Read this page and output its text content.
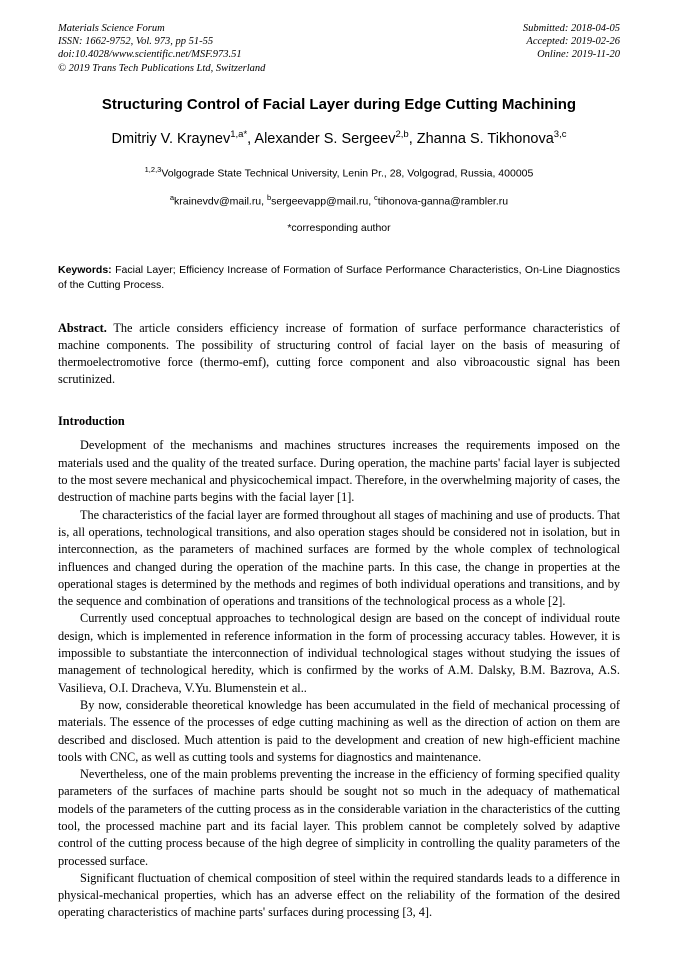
Materials Science Forum
ISSN: 1662-9752, Vol. 973, pp 51-55
doi:10.4028/www.scientific.net/MSF.973.51
© 2019 Trans Tech Publications Ltd, Switzerland
Submitted: 2018-04-05
Accepted: 2019-02-26
Online: 2019-11-20
Structuring Control of Facial Layer during Edge Cutting Machining
Dmitriy V. Kraynev$^{1,a*}$, Alexander S. Sergeev$^{2,b}$, Zhanna S. Tikhonova$^{3,c}$
$^{1,2,3}$Volgograde State Technical University, Lenin Pr., 28, Volgograd, Russia, 400005
$^a$krainevdv@mail.ru, $^b$sergeevapp@mail.ru, $^c$tihonova-ganna@rambler.ru
*corresponding author
Keywords: Facial Layer; Efficiency Increase of Formation of Surface Performance Characteristics, On-Line Diagnostics of the Cutting Process.
Abstract. The article considers efficiency increase of formation of surface performance characteristics of machine components. The possibility of structuring control of facial layer on the basis of measuring of thermoelectromotive force (thermo-emf), cutting force component and also vibroacoustic signal has been scrutinized.
Introduction

Development of the mechanisms and machines structures increases the requirements imposed on the materials used and the quality of the treated surface. During operation, the machine parts' facial layer is subjected to the most severe mechanical and physicochemical impact. Therefore, in the overwhelming majority of cases, the destruction of machine parts begins with the facial layer [1].

The characteristics of the facial layer are formed throughout all stages of machining and use of products. That is, all operations, technological transitions, and also operation stages should be considered not in isolation, but in interconnection, as the parameters of machined surfaces are formed by the whole complex of technological influences and changed during the operation of the machine parts. In this case, the change in properties at the operational stages is determined by the methods and regimes of both individual operations and transitions, and by the sequence and combination of operations and transitions of the technological process as a whole [2].

Currently used conceptual approaches to technological design are based on the concept of individual route design, which is implemented in reference information in the form of processing accuracy tables. However, it is impossible to substantiate the interconnection of individual technological stages without studying the issues of management of technological heredity, which is confirmed by the works of A.M. Dalsky, B.M. Bazrova, A.S. Vasilieva, O.I. Dracheva, V.Yu. Blumenstein et al..

By now, considerable theoretical knowledge has been accumulated in the field of mechanical processing of materials. The essence of the processes of edge cutting machining as well as the direction of action on them are described and disclosed. Much attention is paid to the development and creation of new high-efficient machine tools with CNC, as well as cutting tools and systems for diagnostics and maintenance.

Nevertheless, one of the main problems preventing the increase in the efficiency of forming specified quality parameters of the surfaces of machine parts should be sought not so much in the adequacy of mathematical models of the parameters of the cutting process as in the considerable variation in the characteristics of the cutting tool, the processed machine part and its facial layer. This problem cannot be completely solved by adaptive control of the cutting process because of the high degree of simplicity in controlling the quality parameters of the processed surface.

Significant fluctuation of chemical composition of steel within the required standards leads to a difference in physical-mechanical properties, which has an adverse effect on the reliability of the formation of the desired operating characteristics of machine parts' surfaces during processing [3, 4].
